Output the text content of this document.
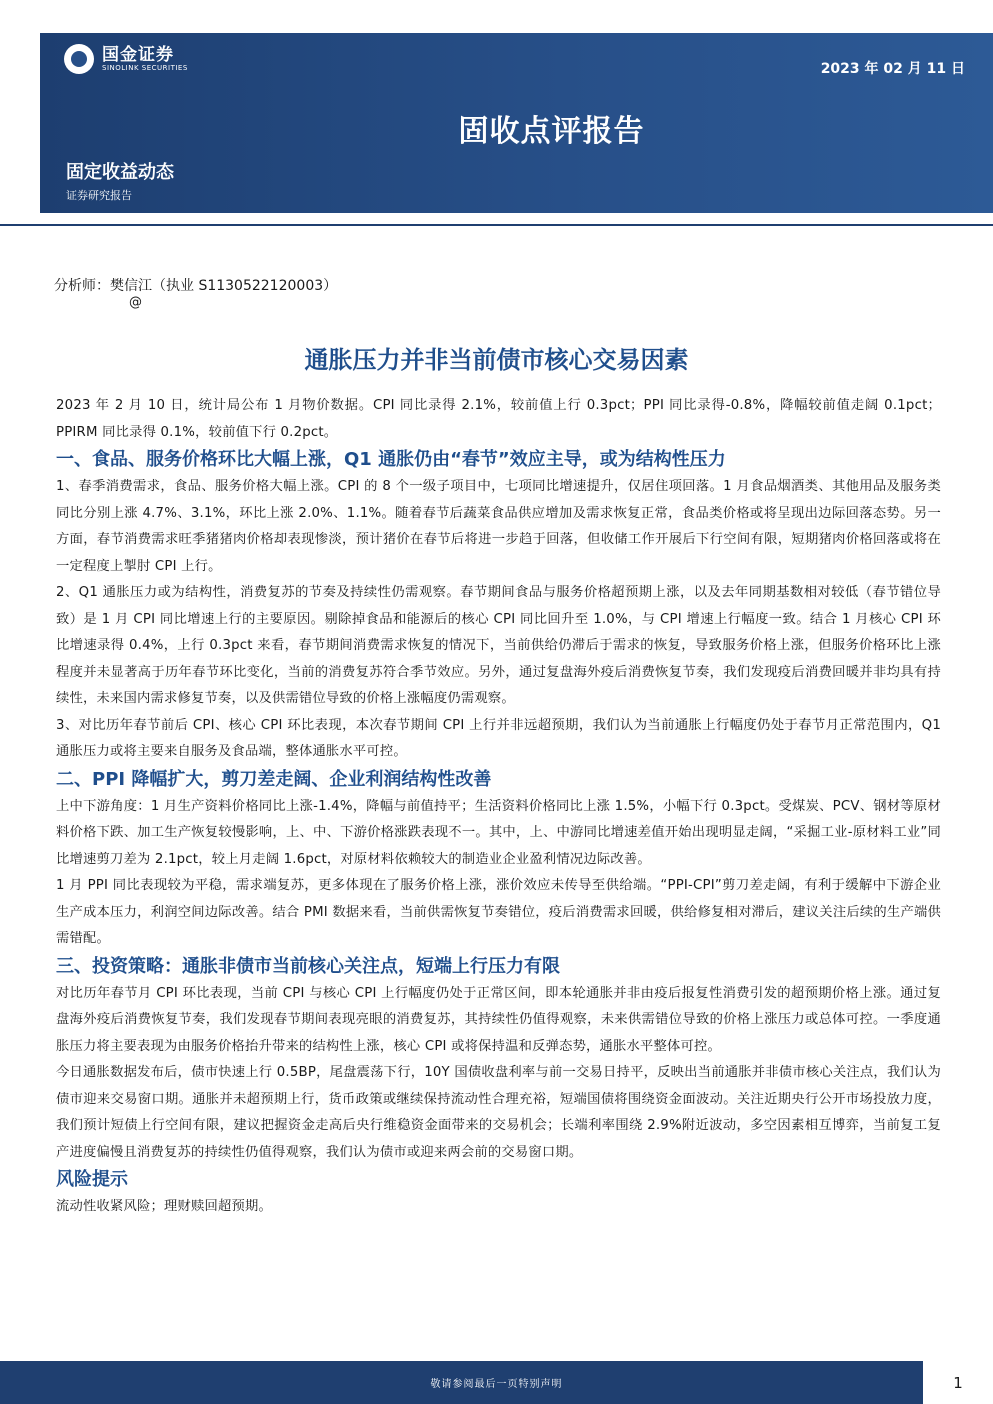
国金证券
SINOLINK SECURITIES	2023 年 02 月 11 日
固收点评报告
固定收益动态
证券研究报告
分析师：樊信江（执业 S1130522120003）
@
通胀压力并非当前债市核心交易因素

2023 年 2 月 10 日，统计局公布 1 月物价数据。CPI 同比录得 2.1%，较前值上行 0.3pct；PPI 同比录得-0.8%，降幅较前值走阔 0.1pct；PPIRM 同比录得 0.1%，较前值下行 0.2pct。

一、食品、服务价格环比大幅上涨，Q1 通胀仍由“春节”效应主导，或为结构性压力

1、春季消费需求，食品、服务价格大幅上涨。CPI 的 8 个一级子项目中，七项同比增速提升，仅居住项回落。1 月食品烟酒类、其他用品及服务类同比分别上涨 4.7%、3.1%，环比上涨 2.0%、1.1%。随着春节后蔬菜食品供应增加及需求恢复正常，食品类价格或将呈现出边际回落态势。另一方面，春节消费需求旺季猪猪肉价格却表现惨淡，预计猪价在春节后将进一步趋于回落，但收储工作开展后下行空间有限，短期猪肉价格回落或将在一定程度上掣肘 CPI 上行。

2、Q1 通胀压力或为结构性，消费复苏的节奏及持续性仍需观察。春节期间食品与服务价格超预期上涨，以及去年同期基数相对较低（春节错位导致）是 1 月 CPI 同比增速上行的主要原因。剔除掉食品和能源后的核心 CPI 同比回升至 1.0%，与 CPI 增速上行幅度一致。结合 1 月核心 CPI 环比增速录得 0.4%，上行 0.3pct 来看，春节期间消费需求恢复的情况下，当前供给仍滞后于需求的恢复，导致服务价格上涨，但服务价格环比上涨程度并未显著高于历年春节环比变化，当前的消费复苏符合季节效应。另外，通过复盘海外疫后消费恢复节奏，我们发现疫后消费回暖并非均具有持续性，未来国内需求修复节奏，以及供需错位导致的价格上涨幅度仍需观察。

3、对比历年春节前后 CPI、核心 CPI 环比表现，本次春节期间 CPI 上行并非远超预期，我们认为当前通胀上行幅度仍处于春节月正常范围内，Q1 通胀压力或将主要来自服务及食品端，整体通胀水平可控。

二、PPI 降幅扩大，剪刀差走阔、企业利润结构性改善

上中下游角度：1 月生产资料价格同比上涨-1.4%，降幅与前值持平；生活资料价格同比上涨 1.5%，小幅下行 0.3pct。受煤炭、PCV、钢材等原材料价格下跌、加工生产恢复较慢影响，上、中、下游价格涨跌表现不一。其中，上、中游同比增速差值开始出现明显走阔，“采掘工业-原材料工业”同比增速剪刀差为 2.1pct，较上月走阔 1.6pct，对原材料依赖较大的制造业企业盈利情况边际改善。

1 月 PPI 同比表现较为平稳，需求端复苏，更多体现在了服务价格上涨，涨价效应未传导至供给端。“PPI-CPI”剪刀差走阔，有利于缓解中下游企业生产成本压力，利润空间边际改善。结合 PMI 数据来看，当前供需恢复节奏错位，疫后消费需求回暖，供给修复相对滞后，建议关注后续的生产端供需错配。

三、投资策略：通胀非债市当前核心关注点，短端上行压力有限

对比历年春节月 CPI 环比表现，当前 CPI 与核心 CPI 上行幅度仍处于正常区间，即本轮通胀并非由疫后报复性消费引发的超预期价格上涨。通过复盘海外疫后消费恢复节奏，我们发现春节期间表现亮眼的消费复苏，其持续性仍值得观察，未来供需错位导致的价格上涨压力或总体可控。一季度通胀压力将主要表现为由服务价格抬升带来的结构性上涨，核心 CPI 或将保持温和反弹态势，通胀水平整体可控。

今日通胀数据发布后，债市快速上行 0.5BP，尾盘震荡下行，10Y 国债收盘利率与前一交易日持平，反映出当前通胀并非债市核心关注点，我们认为债市迎来交易窗口期。通胀并未超预期上行，货币政策或继续保持流动性合理充裕，短端国债将围绕资金面波动。关注近期央行公开市场投放力度，我们预计短债上行空间有限，建议把握资金走高后央行维稳资金面带来的交易机会；长端利率围绕 2.9%附近波动，多空因素相互博弈，当前复工复产进度偏慢且消费复苏的持续性仍值得观察，我们认为债市或迎来两会前的交易窗口期。

风险提示

流动性收紧风险；理财赎回超预期。

敬请参阅最后一页特别声明	1
